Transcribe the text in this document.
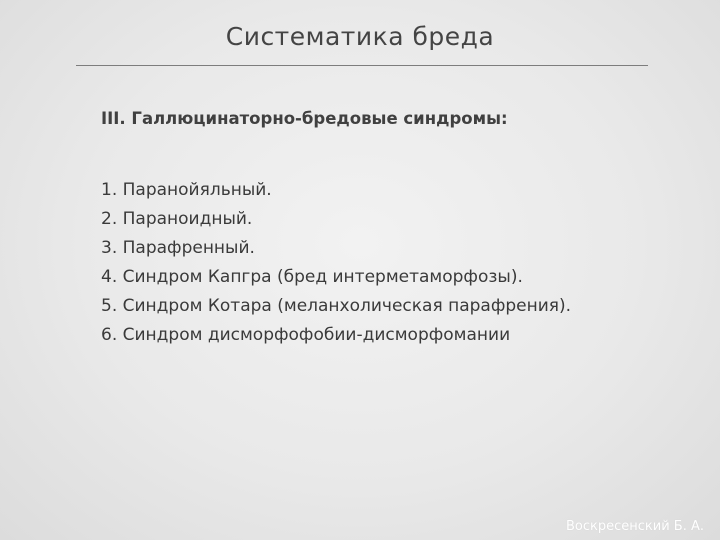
Систематика бреда

III. Галлюцинаторно-бредовые синдромы:

1. Паранойяльный.
2. Параноидный.
3. Парафренный.
4. Синдром Капгра (бред интерметаморфозы).
5. Синдром Котара (меланхолическая парафрения).
6. Синдром дисморфофобии-дисморфомании
Воскресенский Б. А.
